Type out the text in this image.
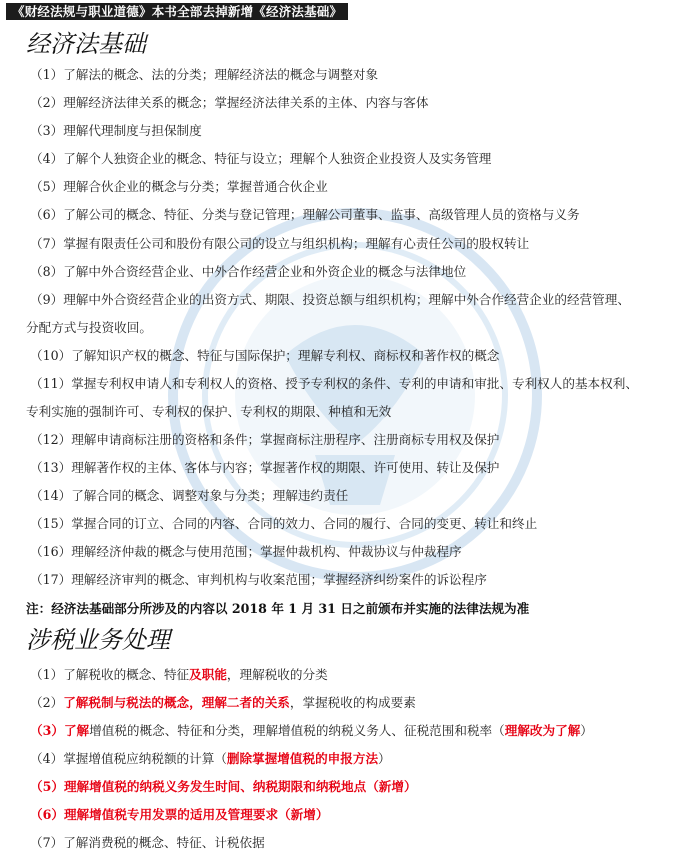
《财经法规与职业道德》本书全部去掉新增《经济法基础》
经济法基础
（1）了解法的概念、法的分类；理解经济法的概念与调整对象
（2）理解经济法律关系的概念；掌握经济法律关系的主体、内容与客体
（3）理解代理制度与担保制度
（4）了解个人独资企业的概念、特征与设立；理解个人独资企业投资人及实务管理
（5）理解合伙企业的概念与分类；掌握普通合伙企业
（6）了解公司的概念、特征、分类与登记管理；理解公司董事、监事、高级管理人员的资格与义务
（7）掌握有限责任公司和股份有限公司的设立与组织机构；理解有心责任公司的股权转让
（8）了解中外合资经营企业、中外合作经营企业和外资企业的概念与法律地位
（9）理解中外合资经营企业的出资方式、期限、投资总额与组织机构；理解中外合作经营企业的经营管理、
分配方式与投资收回。
（10）了解知识产权的概念、特征与国际保护；理解专利权、商标权和著作权的概念
（11）掌握专利权申请人和专利权人的资格、授予专利权的条件、专利的申请和审批、专利权人的基本权利、
专利实施的强制许可、专利权的保护、专利权的期限、种植和无效
（12）理解申请商标注册的资格和条件；掌握商标注册程序、注册商标专用权及保护
（13）理解著作权的主体、客体与内容；掌握著作权的期限、许可使用、转让及保护
（14）了解合同的概念、调整对象与分类；理解违约责任
（15）掌握合同的订立、合同的内容、合同的效力、合同的履行、合同的变更、转让和终止
（16）理解经济仲裁的概念与使用范围；掌握仲裁机构、仲裁协议与仲裁程序
（17）理解经济审判的概念、审判机构与收案范围；掌握经济纠纷案件的诉讼程序
注：经济法基础部分所涉及的内容以 2018 年 1 月 31 日之前颁布并实施的法律法规为准
涉税业务处理
（1）了解税收的概念、特征及职能，理解税收的分类
（2）了解税制与税法的概念，理解二者的关系，掌握税收的构成要素
（3）了解增值税的概念、特征和分类，理解增值税的纳税义务人、征税范围和税率（理解改为了解）
（4）掌握增值税应纳税额的计算（删除掌握增值税的申报方法）
（5）理解增值税的纳税义务发生时间、纳税期限和纳税地点（新增）
（6）理解增值税专用发票的适用及管理要求（新增）
（7）了解消费税的概念、特征、计税依据
